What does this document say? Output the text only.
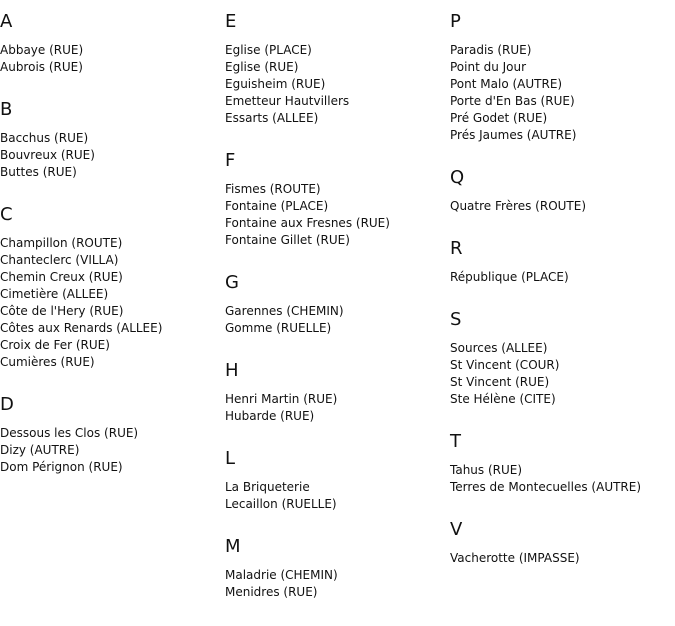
A
Abbaye (RUE)
Aubrois (RUE)
B
Bacchus (RUE)
Bouvreux (RUE)
Buttes (RUE)
C
Champillon (ROUTE)
Chanteclerc (VILLA)
Chemin Creux (RUE)
Cimetière (ALLEE)
Côte de l'Hery (RUE)
Côtes aux Renards (ALLEE)
Croix de Fer (RUE)
Cumières (RUE)
D
Dessous les Clos (RUE)
Dizy (AUTRE)
Dom Pérignon (RUE)
E
Eglise (PLACE)
Eglise (RUE)
Eguisheim (RUE)
Emetteur Hautvillers
Essarts (ALLEE)
F
Fismes (ROUTE)
Fontaine (PLACE)
Fontaine aux Fresnes (RUE)
Fontaine Gillet (RUE)
G
Garennes (CHEMIN)
Gomme (RUELLE)
H
Henri Martin (RUE)
Hubarde (RUE)
L
La Briqueterie
Lecaillon (RUELLE)
M
Maladrie (CHEMIN)
Menidres (RUE)
P
Paradis (RUE)
Point du Jour
Pont Malo (AUTRE)
Porte d'En Bas (RUE)
Pré Godet (RUE)
Prés Jaumes (AUTRE)
Q
Quatre Frères (ROUTE)
R
République (PLACE)
S
Sources (ALLEE)
St Vincent (COUR)
St Vincent (RUE)
Ste Hélène (CITE)
T
Tahus (RUE)
Terres de Montecuelles (AUTRE)
V
Vacherotte (IMPASSE)
